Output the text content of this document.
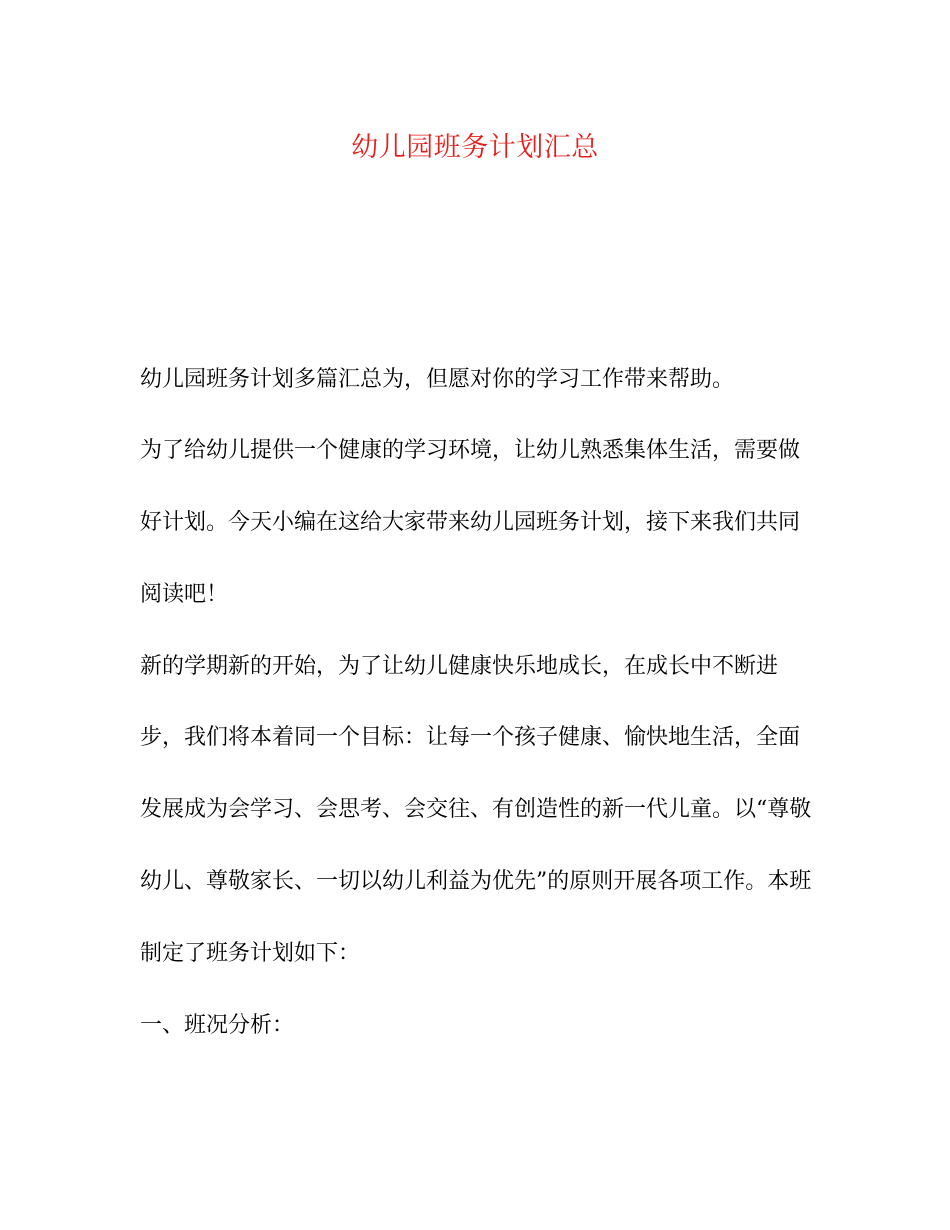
幼儿园班务计划汇总
幼儿园班务计划多篇汇总为，但愿对你的学习工作带来帮助。
为了给幼儿提供一个健康的学习环境，让幼儿熟悉集体生活，需要做
好计划。今天小编在这给大家带来幼儿园班务计划，接下来我们共同
阅读吧！
新的学期新的开始，为了让幼儿健康快乐地成长，在成长中不断进
步，我们将本着同一个目标：让每一个孩子健康、愉快地生活，全面
发展成为会学习、会思考、会交往、有创造性的新一代儿童。以“尊敬
幼儿、尊敬家长、一切以幼儿利益为优先”的原则开展各项工作。本班
制定了班务计划如下：
一、班况分析：
